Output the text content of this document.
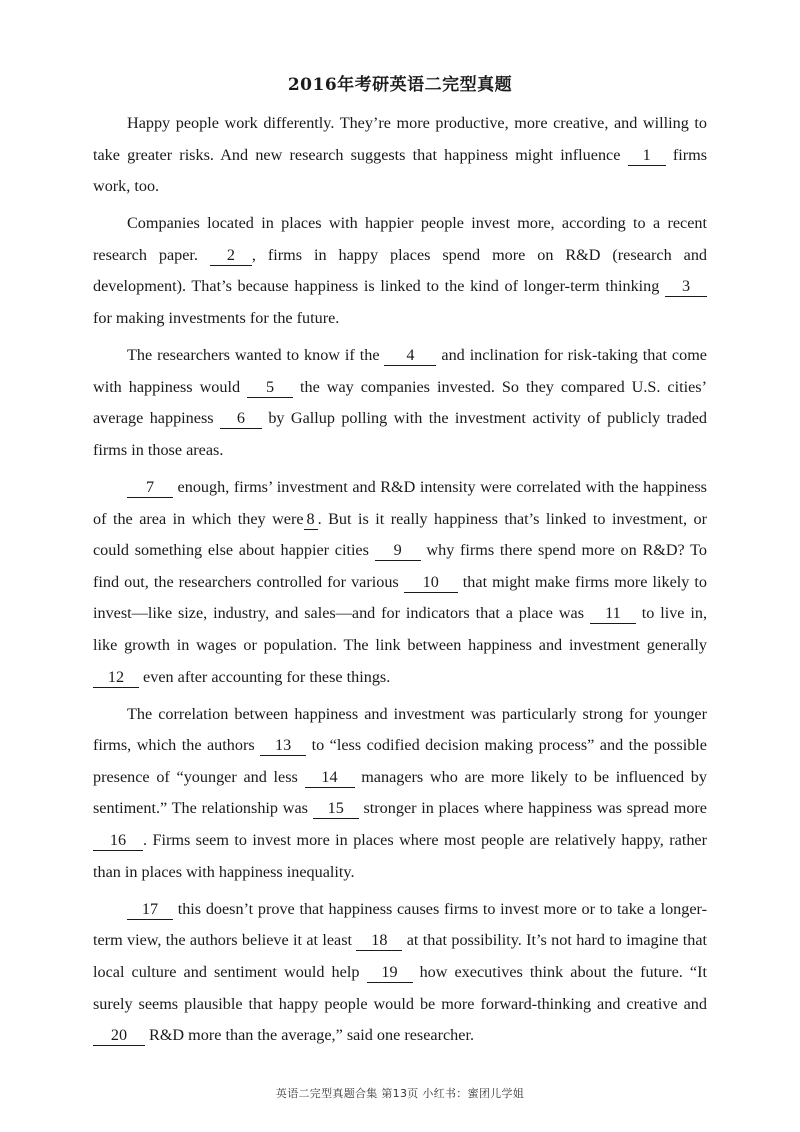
2016年考研英语二完型真题

Happy people work differently. They’re more productive, more creative, and willing to take greater risks. And new research suggests that happiness might influence 1 firms work, too.

Companies located in places with happier people invest more, according to a recent research paper. 2 , firms in happy places spend more on R&D (research and development). That’s because happiness is linked to the kind of longer-term thinking 3 for making investments for the future.

The researchers wanted to know if the 4 and inclination for risk-taking that come with happiness would 5 the way companies invested. So they compared U.S. cities’ average happiness 6 by Gallup polling with the investment activity of publicly traded firms in those areas.

7 enough, firms’ investment and R&D intensity were correlated with the happiness of the area in which they were 8 . But is it really happiness that’s linked to investment, or could something else about happier cities 9 why firms there spend more on R&D? To find out, the researchers controlled for various 10 that might make firms more likely to invest—like size, industry, and sales—and for indicators that a place was 11 to live in, like growth in wages or population. The link between happiness and investment generally 12 even after accounting for these things.

The correlation between happiness and investment was particularly strong for younger firms, which the authors 13 to “less codified decision making process” and the possible presence of “younger and less 14 managers who are more likely to be influenced by sentiment.” The relationship was 15 stronger in places where happiness was spread more 16 . Firms seem to invest more in places where most people are relatively happy, rather than in places with happiness inequality.

17 this doesn’t prove that happiness causes firms to invest more or to take a longer-term view, the authors believe it at least 18 at that possibility. It’s not hard to imagine that local culture and sentiment would help 19 how executives think about the future. “It surely seems plausible that happy people would be more forward-thinking and creative and 20 R&D more than the average,” said one researcher.

英语二完型真题合集 第13页 小红书：蜜团儿学姐
